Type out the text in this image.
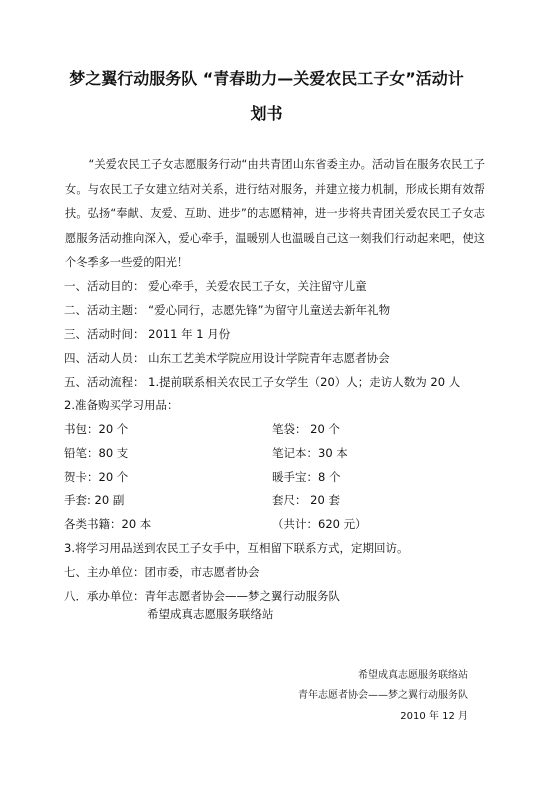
梦之翼行动服务队 “青春助力—关爱农民工子女”活动计
划书

“关爱农民工子女志愿服务行动“由共青团山东省委主办。活动旨在服务农民工子女。与农民工子女建立结对关系，进行结对服务，并建立接力机制，形成长期有效帮扶。弘扬“奉献、友爱、互助、进步”的志愿精神，进一步将共青团关爱农民工子女志愿服务活动推向深入，爱心牵手，温暖别人也温暖自己这一刻我们行动起来吧，使这个冬季多一些爱的阳光！

一、活动目的： 爱心牵手，关爱农民工子女，关注留守儿童

二、活动主题： “爱心同行，志愿先锋”为留守儿童送去新年礼物

三、活动时间： 2011 年 1 月份

四、活动人员： 山东工艺美术学院应用设计学院青年志愿者协会

五、活动流程： 1.提前联系相关农民工子女学生（20）人；走访人数为 20 人

2.准备购买学习用品：

书包：20 个	笔袋： 20 个
铅笔：80 支	笔记本：30 本
贺卡：20 个	暖手宝：8 个
手套: 20 副	套尺： 20 套
各类书籍：20 本	（共计：620 元）

3.将学习用品送到农民工子女手中，互相留下联系方式，定期回访。

七、主办单位：团市委，市志愿者协会

八．承办单位：青年志愿者协会——梦之翼行动服务队

希望成真志愿服务联络站

希望成真志愿服务联络站
青年志愿者协会——梦之翼行动服务队
2010 年 12 月
